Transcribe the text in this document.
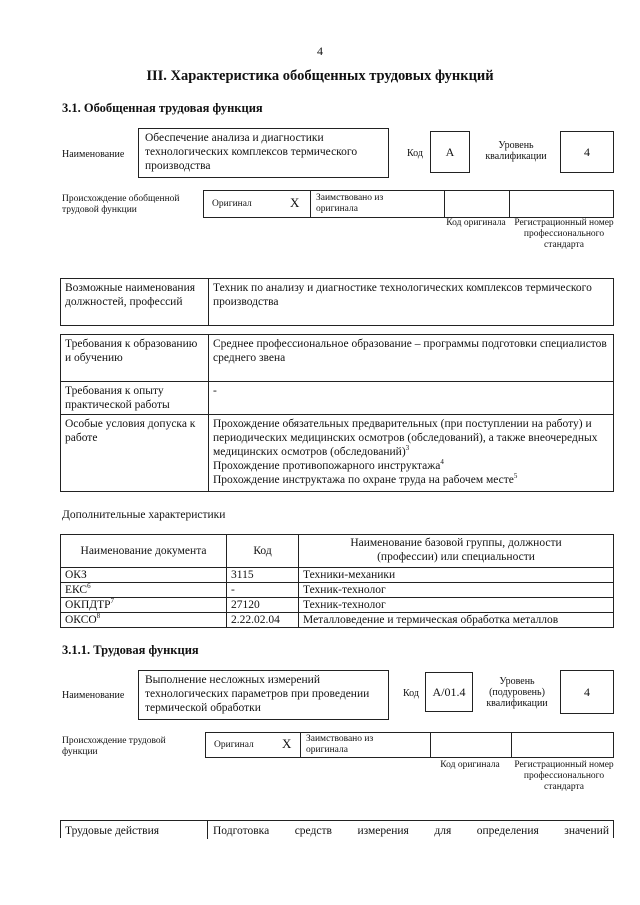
4
III. Характеристика обобщенных трудовых функций
3.1. Обобщенная трудовая функция
Наименование
Обеспечение анализа и диагностики технологических комплексов термического производства
Код	A	Уровень квалификации	4
Происхождение обобщенной трудовой функции
Оригинал	X Заимствовано из оригинала
Код оригинала Регистрационный номер профессионального стандарта
Возможные наименования должностей, профессий	Техник по анализу и диагностике технологических комплексов термического производства

Требования к образованию и обучению	Среднее профессиональное образование – программы подготовки специалистов среднего звена
Требования к опыту практической работы	-
Особые условия допуска к работе	Прохождение обязательных предварительных (при поступлении на работу) и периодических медицинских осмотров (обследований), а также внеочередных медицинских осмотров (обследований)$^3$
Прохождение противопожарного инструктажа$^4$
Прохождение инструктажа по охране труда на рабочем месте$^5$
Дополнительные характеристики
Наименование документа	Код	Наименование базовой группы, должности (профессии) или специальности
ОКЗ	3115	Техники-механики
ЕКС$^6$	-	Техник-технолог
ОКПДТР$^7$	27120	Техник-технолог
ОКСО$^8$	2.22.02.04	Металловедение и термическая обработка металлов
3.1.1. Трудовая функция
Наименование
Выполнение несложных измерений технологических параметров при проведении термической обработки
Код	A/01.4
Уровень (подуровень) квалификации
4
Происхождение трудовой функции
Оригинал X Заимствовано из оригинала
Код оригинала	Регистрационный номер профессионального стандарта
Трудовые действия	Подготовка средств измерения для определения значений
